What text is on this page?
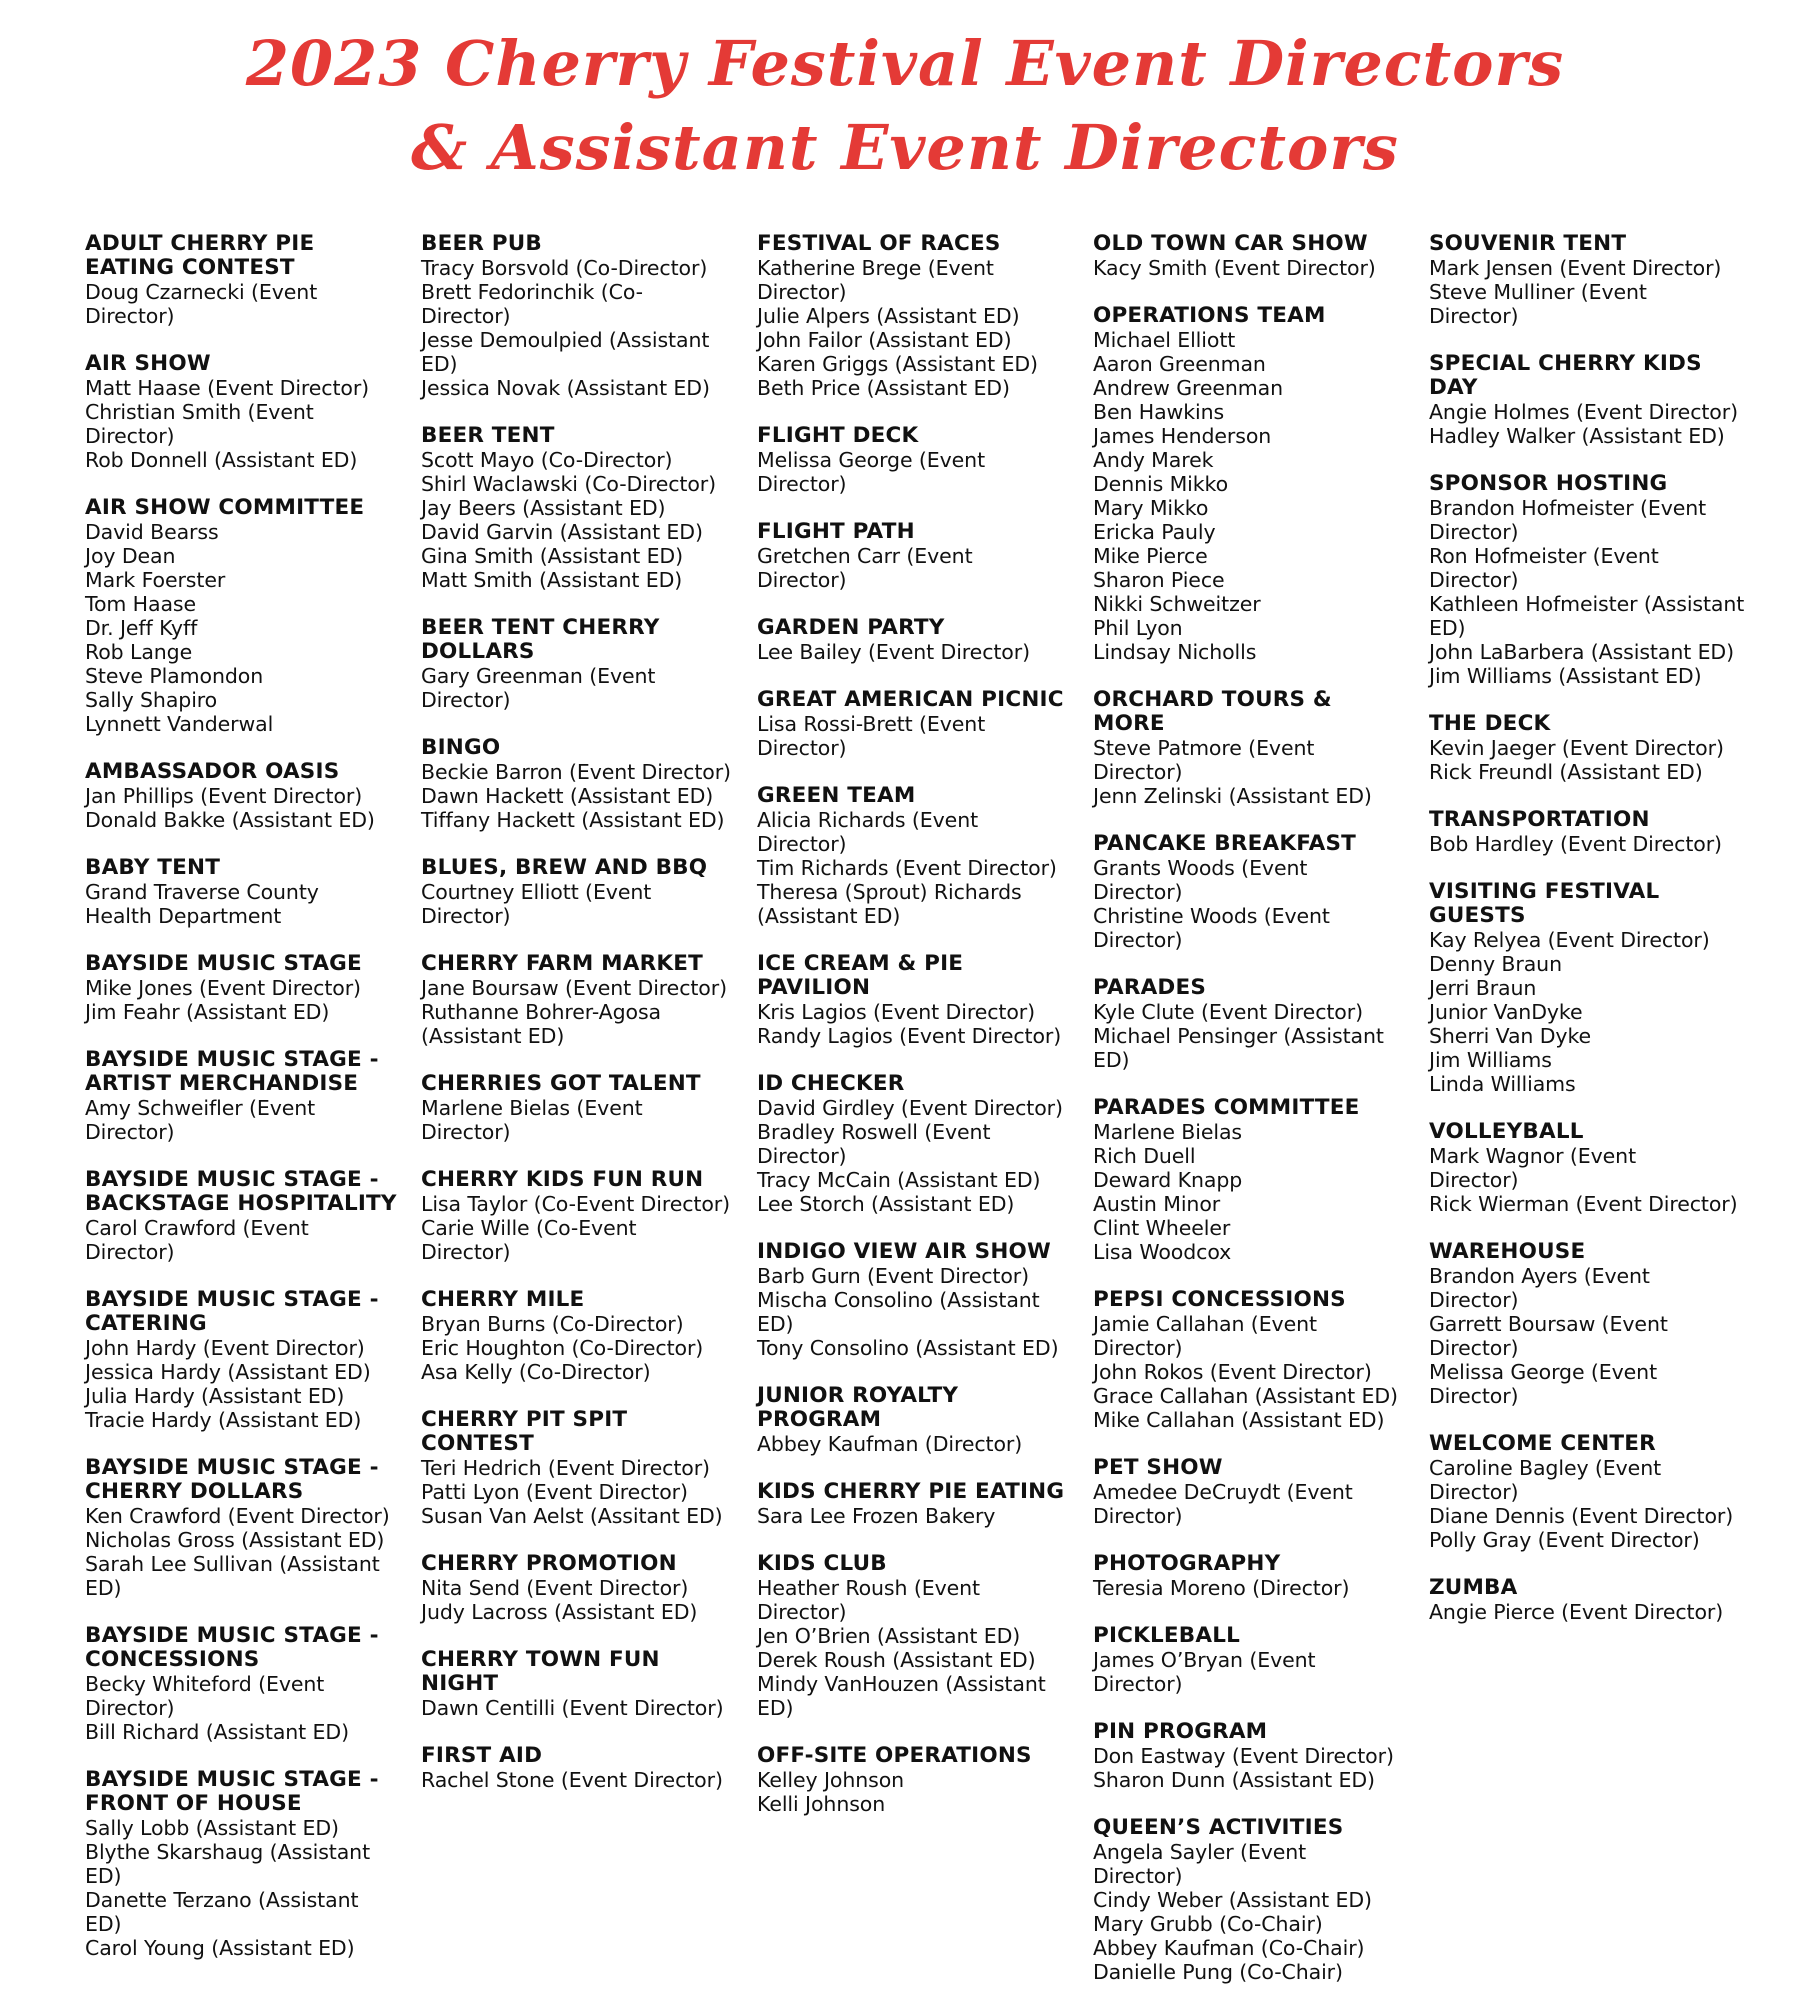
2023 Cherry Festival Event Directors
& Assistant Event Directors
ADULT CHERRY PIE
EATING CONTEST
Doug Czarnecki (Event
Director)
AIR SHOW
Matt Haase (Event Director)
Christian Smith (Event
Director)
Rob Donnell (Assistant ED)
AIR SHOW COMMITTEE
David Bearss
Joy Dean
Mark Foerster
Tom Haase
Dr. Jeff Kyff
Rob Lange
Steve Plamondon
Sally Shapiro
Lynnett Vanderwal
AMBASSADOR OASIS
Jan Phillips (Event Director)
Donald Bakke (Assistant ED)
BABY TENT
Grand Traverse County
Health Department
BAYSIDE MUSIC STAGE
Mike Jones (Event Director)
Jim Feahr (Assistant ED)
BAYSIDE MUSIC STAGE -
ARTIST MERCHANDISE
Amy Schweifler (Event
Director)
BAYSIDE MUSIC STAGE -
BACKSTAGE HOSPITALITY
Carol Crawford (Event
Director)
BAYSIDE MUSIC STAGE -
CATERING
John Hardy (Event Director)
Jessica Hardy (Assistant ED)
Julia Hardy (Assistant ED)
Tracie Hardy (Assistant ED)
BAYSIDE MUSIC STAGE -
CHERRY DOLLARS
Ken Crawford (Event Director)
Nicholas Gross (Assistant ED)
Sarah Lee Sullivan (Assistant
ED)
BAYSIDE MUSIC STAGE -
CONCESSIONS
Becky Whiteford (Event
Director)
Bill Richard (Assistant ED)
BAYSIDE MUSIC STAGE -
FRONT OF HOUSE
Sally Lobb (Assistant ED)
Blythe Skarshaug (Assistant
ED)
Danette Terzano (Assistant
ED)
Carol Young (Assistant ED)
BEER PUB
Tracy Borsvold (Co-Director)
Brett Fedorinchik (Co-
Director)
Jesse Demoulpied (Assistant
ED)
Jessica Novak (Assistant ED)
BEER TENT
Scott Mayo (Co-Director)
Shirl Waclawski (Co-Director)
Jay Beers (Assistant ED)
David Garvin (Assistant ED)
Gina Smith (Assistant ED)
Matt Smith (Assistant ED)
BEER TENT CHERRY
DOLLARS
Gary Greenman (Event
Director)
BINGO
Beckie Barron (Event Director)
Dawn Hackett (Assistant ED)
Tiffany Hackett (Assistant ED)
BLUES, BREW AND BBQ
Courtney Elliott (Event
Director)
CHERRY FARM MARKET
Jane Boursaw (Event Director)
Ruthanne Bohrer-Agosa
(Assistant ED)
CHERRIES GOT TALENT
Marlene Bielas (Event
Director)
CHERRY KIDS FUN RUN
Lisa Taylor (Co-Event Director)
Carie Wille (Co-Event
Director)
CHERRY MILE
Bryan Burns (Co-Director)
Eric Houghton (Co-Director)
Asa Kelly (Co-Director)
CHERRY PIT SPIT
CONTEST
Teri Hedrich (Event Director)
Patti Lyon (Event Director)
Susan Van Aelst (Assitant ED)
CHERRY PROMOTION
Nita Send (Event Director)
Judy Lacross (Assistant ED)
CHERRY TOWN FUN
NIGHT
Dawn Centilli (Event Director)
FIRST AID
Rachel Stone (Event Director)
FESTIVAL OF RACES
Katherine Brege (Event
Director)
Julie Alpers (Assistant ED)
John Failor (Assistant ED)
Karen Griggs (Assistant ED)
Beth Price (Assistant ED)
FLIGHT DECK
Melissa George (Event
Director)
FLIGHT PATH
Gretchen Carr (Event
Director)
GARDEN PARTY
Lee Bailey (Event Director)
GREAT AMERICAN PICNIC
Lisa Rossi-Brett (Event
Director)
GREEN TEAM
Alicia Richards (Event
Director)
Tim Richards (Event Director)
Theresa (Sprout) Richards
(Assistant ED)
ICE CREAM & PIE
PAVILION
Kris Lagios (Event Director)
Randy Lagios (Event Director)
ID CHECKER
David Girdley (Event Director)
Bradley Roswell (Event
Director)
Tracy McCain (Assistant ED)
Lee Storch (Assistant ED)
INDIGO VIEW AIR SHOW
Barb Gurn (Event Director)
Mischa Consolino (Assistant
ED)
Tony Consolino (Assistant ED)
JUNIOR ROYALTY
PROGRAM
Abbey Kaufman (Director)
KIDS CHERRY PIE EATING
Sara Lee Frozen Bakery
KIDS CLUB
Heather Roush (Event
Director)
Jen O’Brien (Assistant ED)
Derek Roush (Assistant ED)
Mindy VanHouzen (Assistant
ED)
OFF-SITE OPERATIONS
Kelley Johnson
Kelli Johnson
OLD TOWN CAR SHOW
Kacy Smith (Event Director)
OPERATIONS TEAM
Michael Elliott
Aaron Greenman
Andrew Greenman
Ben Hawkins
James Henderson
Andy Marek
Dennis Mikko
Mary Mikko
Ericka Pauly
Mike Pierce
Sharon Piece
Nikki Schweitzer
Phil Lyon
Lindsay Nicholls
ORCHARD TOURS &
MORE
Steve Patmore (Event
Director)
Jenn Zelinski (Assistant ED)
PANCAKE BREAKFAST
Grants Woods (Event
Director)
Christine Woods (Event
Director)
PARADES
Kyle Clute (Event Director)
Michael Pensinger (Assistant
ED)
PARADES COMMITTEE
Marlene Bielas
Rich Duell
Deward Knapp
Austin Minor
Clint Wheeler
Lisa Woodcox
PEPSI CONCESSIONS
Jamie Callahan (Event
Director)
John Rokos (Event Director)
Grace Callahan (Assistant ED)
Mike Callahan (Assistant ED)
PET SHOW
Amedee DeCruydt (Event
Director)
PHOTOGRAPHY
Teresia Moreno (Director)
PICKLEBALL
James O’Bryan (Event
Director)
PIN PROGRAM
Don Eastway (Event Director)
Sharon Dunn (Assistant ED)
QUEEN’S ACTIVITIES
Angela Sayler (Event
Director)
Cindy Weber (Assistant ED)
Mary Grubb (Co-Chair)
Abbey Kaufman (Co-Chair)
Danielle Pung (Co-Chair)
SOUVENIR TENT
Mark Jensen (Event Director)
Steve Mulliner (Event
Director)
SPECIAL CHERRY KIDS
DAY
Angie Holmes (Event Director)
Hadley Walker (Assistant ED)
SPONSOR HOSTING
Brandon Hofmeister (Event
Director)
Ron Hofmeister (Event
Director)
Kathleen Hofmeister (Assistant
ED)
John LaBarbera (Assistant ED)
Jim Williams (Assistant ED)
THE DECK
Kevin Jaeger (Event Director)
Rick Freundl (Assistant ED)
TRANSPORTATION
Bob Hardley (Event Director)
VISITING FESTIVAL
GUESTS
Kay Relyea (Event Director)
Denny Braun
Jerri Braun
Junior VanDyke
Sherri Van Dyke
Jim Williams
Linda Williams
VOLLEYBALL
Mark Wagnor (Event
Director)
Rick Wierman (Event Director)
WAREHOUSE
Brandon Ayers (Event
Director)
Garrett Boursaw (Event
Director)
Melissa George (Event
Director)
WELCOME CENTER
Caroline Bagley (Event
Director)
Diane Dennis (Event Director)
Polly Gray (Event Director)
ZUMBA
Angie Pierce (Event Director)
